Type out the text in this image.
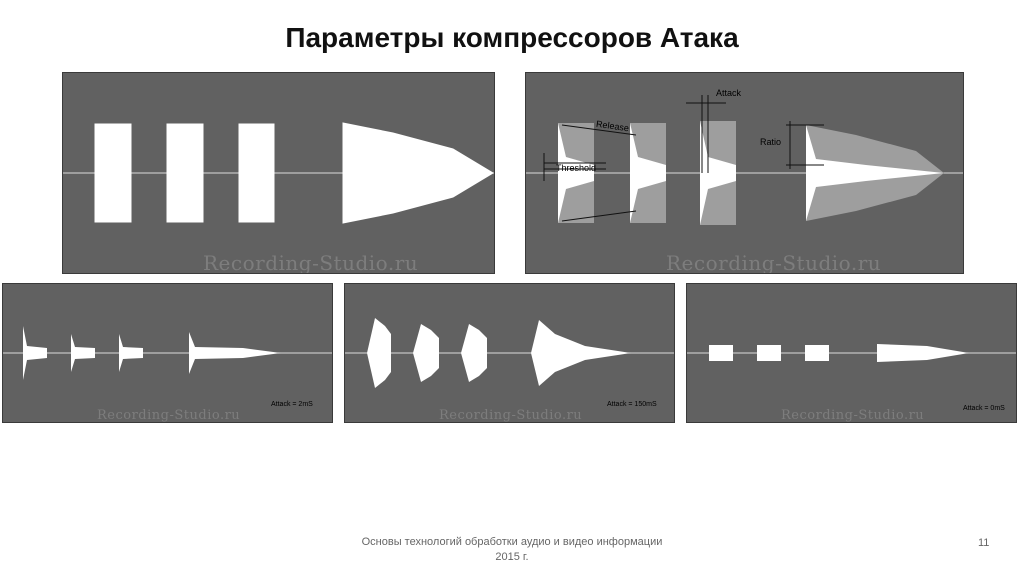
Параметры компрессоров Атака
Recording-Studio.ru
Attack
Release
Threshold
Ratio
Recording-Studio.ru
Attack = 2mS
Recording-Studio.ru
Attack = 150mS
Recording-Studio.ru	Attack = 0mS
Recording-Studio.ru
Основы технологий обработки аудио и видео информации
2015 г.
11
